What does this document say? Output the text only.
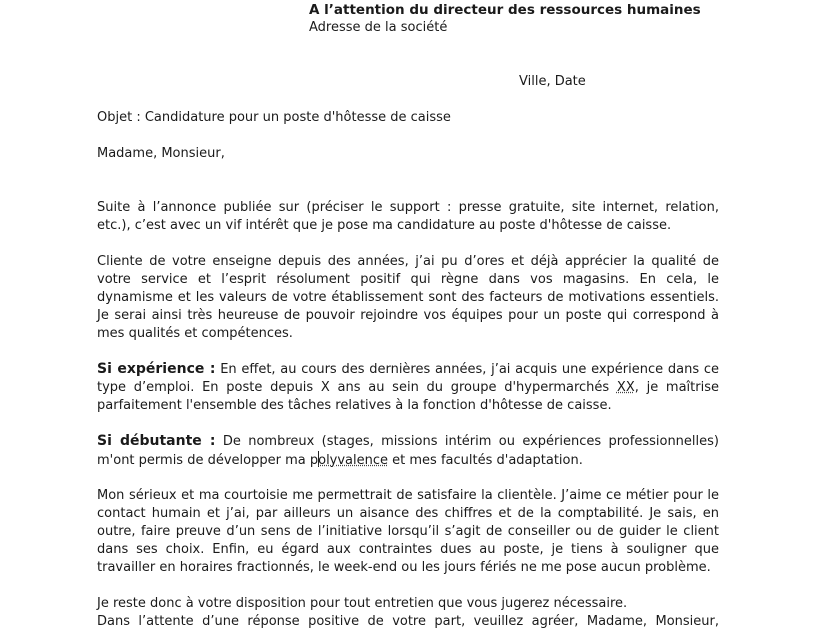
A l’attention du directeur des ressources humaines
Adresse de la société
Ville, Date
Objet : Candidature pour un poste d'hôtesse de caisse
Madame, Monsieur,
Suite à l’annonce publiée sur (préciser le support : presse gratuite, site internet, relation,
etc.), c’est avec un vif intérêt que je pose ma candidature au poste d'hôtesse de caisse.
Cliente de votre enseigne depuis des années, j’ai pu d’ores et déjà apprécier la qualité de
votre service et l’esprit résolument positif qui règne dans vos magasins. En cela, le
dynamisme et les valeurs de votre établissement sont des facteurs de motivations essentiels.
Je serai ainsi très heureuse de pouvoir rejoindre vos équipes pour un poste qui correspond à
mes qualités et compétences.
Si expérience : En effet, au cours des dernières années, j’ai acquis une expérience dans ce
type d’emploi. En poste depuis X ans au sein du groupe d'hypermarchés XX, je maîtrise
parfaitement l'ensemble des tâches relatives à la fonction d'hôtesse de caisse.
Si débutante : De nombreux (stages, missions intérim ou expériences professionnelles)
m'ont permis de développer ma polyvalence et mes facultés d'adaptation.
Mon sérieux et ma courtoisie me permettrait de satisfaire la clientèle. J’aime ce métier pour le
contact humain et j’ai, par ailleurs un aisance des chiffres et de la comptabilité. Je sais, en
outre, faire preuve d’un sens de l’initiative lorsqu’il s’agit de conseiller ou de guider le client
dans ses choix. Enfin, eu égard aux contraintes dues au poste, je tiens à souligner que
travailler en horaires fractionnés, le week-end ou les jours fériés ne me pose aucun problème.
Je reste donc à votre disposition pour tout entretien que vous jugerez nécessaire.
Dans l’attente d’une réponse positive de votre part, veuillez agréer, Madame, Monsieur,
